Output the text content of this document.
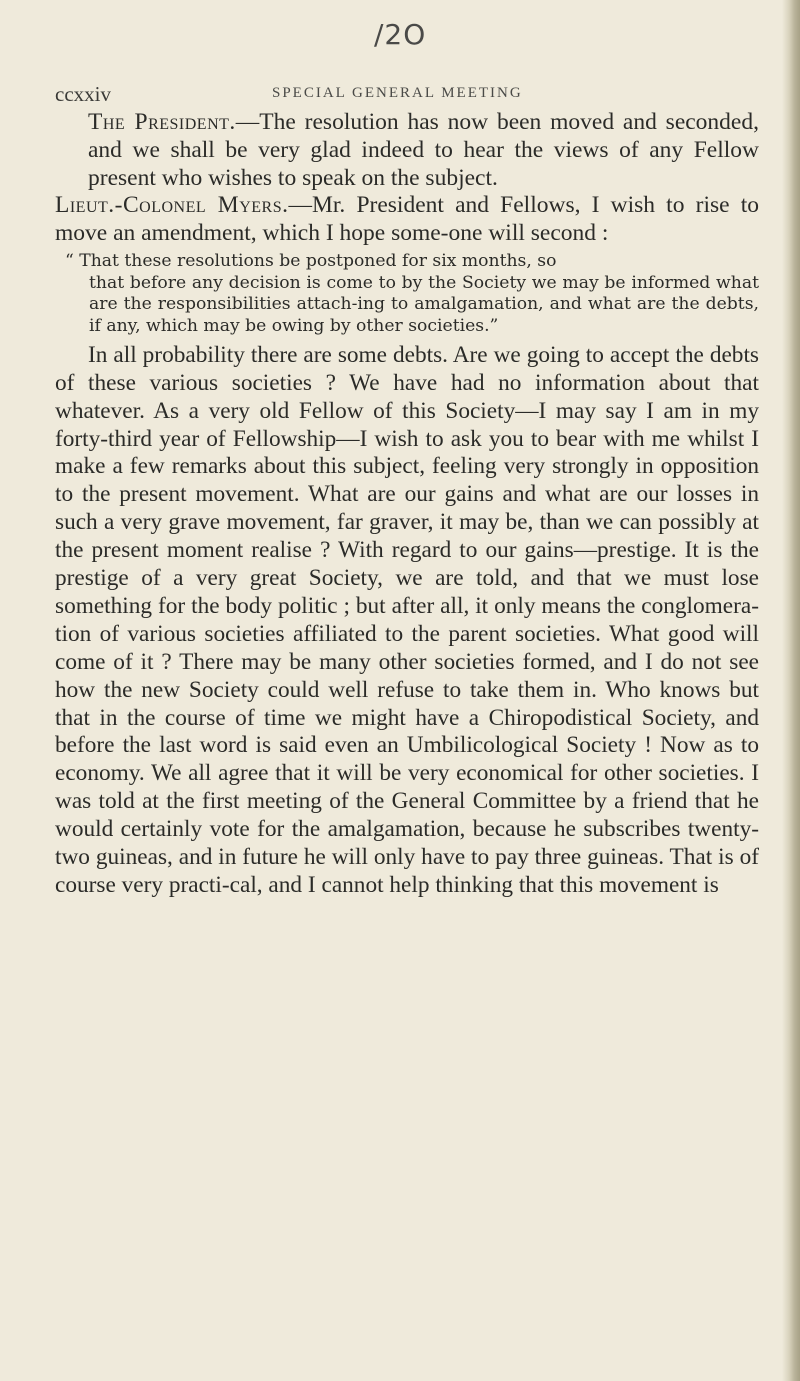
/2O
ccxxiv	SPECIAL GENERAL MEETING

The President.—The resolution has now been moved and seconded, and we shall be very glad indeed to hear the views of any Fellow present who wishes to speak on the subject.

Lieut.-Colonel Myers.—Mr. President and Fellows, I wish to rise to move an amendment, which I hope some-one will second :

“ That these resolutions be postponed for six months, so

that before any decision is come to by the Society we may be informed what are the responsibilities attach-ing to amalgamation, and what are the debts, if any, which may be owing by other societies.”

In all probability there are some debts. Are we going to accept the debts of these various societies ? We have had no information about that whatever. As a very old Fellow of this Society—I may say I am in my forty-third year of Fellowship—I wish to ask you to bear with me whilst I make a few remarks about this subject, feeling very strongly in opposition to the present movement. What are our gains and what are our losses in such a very grave movement, far graver, it may be, than we can possibly at the present moment realise ? With regard to our gains—prestige. It is the prestige of a very great Society, we are told, and that we must lose something for the body politic ; but after all, it only means the conglomera-tion of various societies affiliated to the parent societies. What good will come of it ? There may be many other societies formed, and I do not see how the new Society could well refuse to take them in. Who knows but that in the course of time we might have a Chiropodistical Society, and before the last word is said even an Umbilicological Society ! Now as to economy. We all agree that it will be very economical for other societies. I was told at the first meeting of the General Committee by a friend that he would certainly vote for the amalgamation, because he subscribes twenty-two guineas, and in future he will only have to pay three guineas. That is of course very practi-cal, and I cannot help thinking that this movement is
